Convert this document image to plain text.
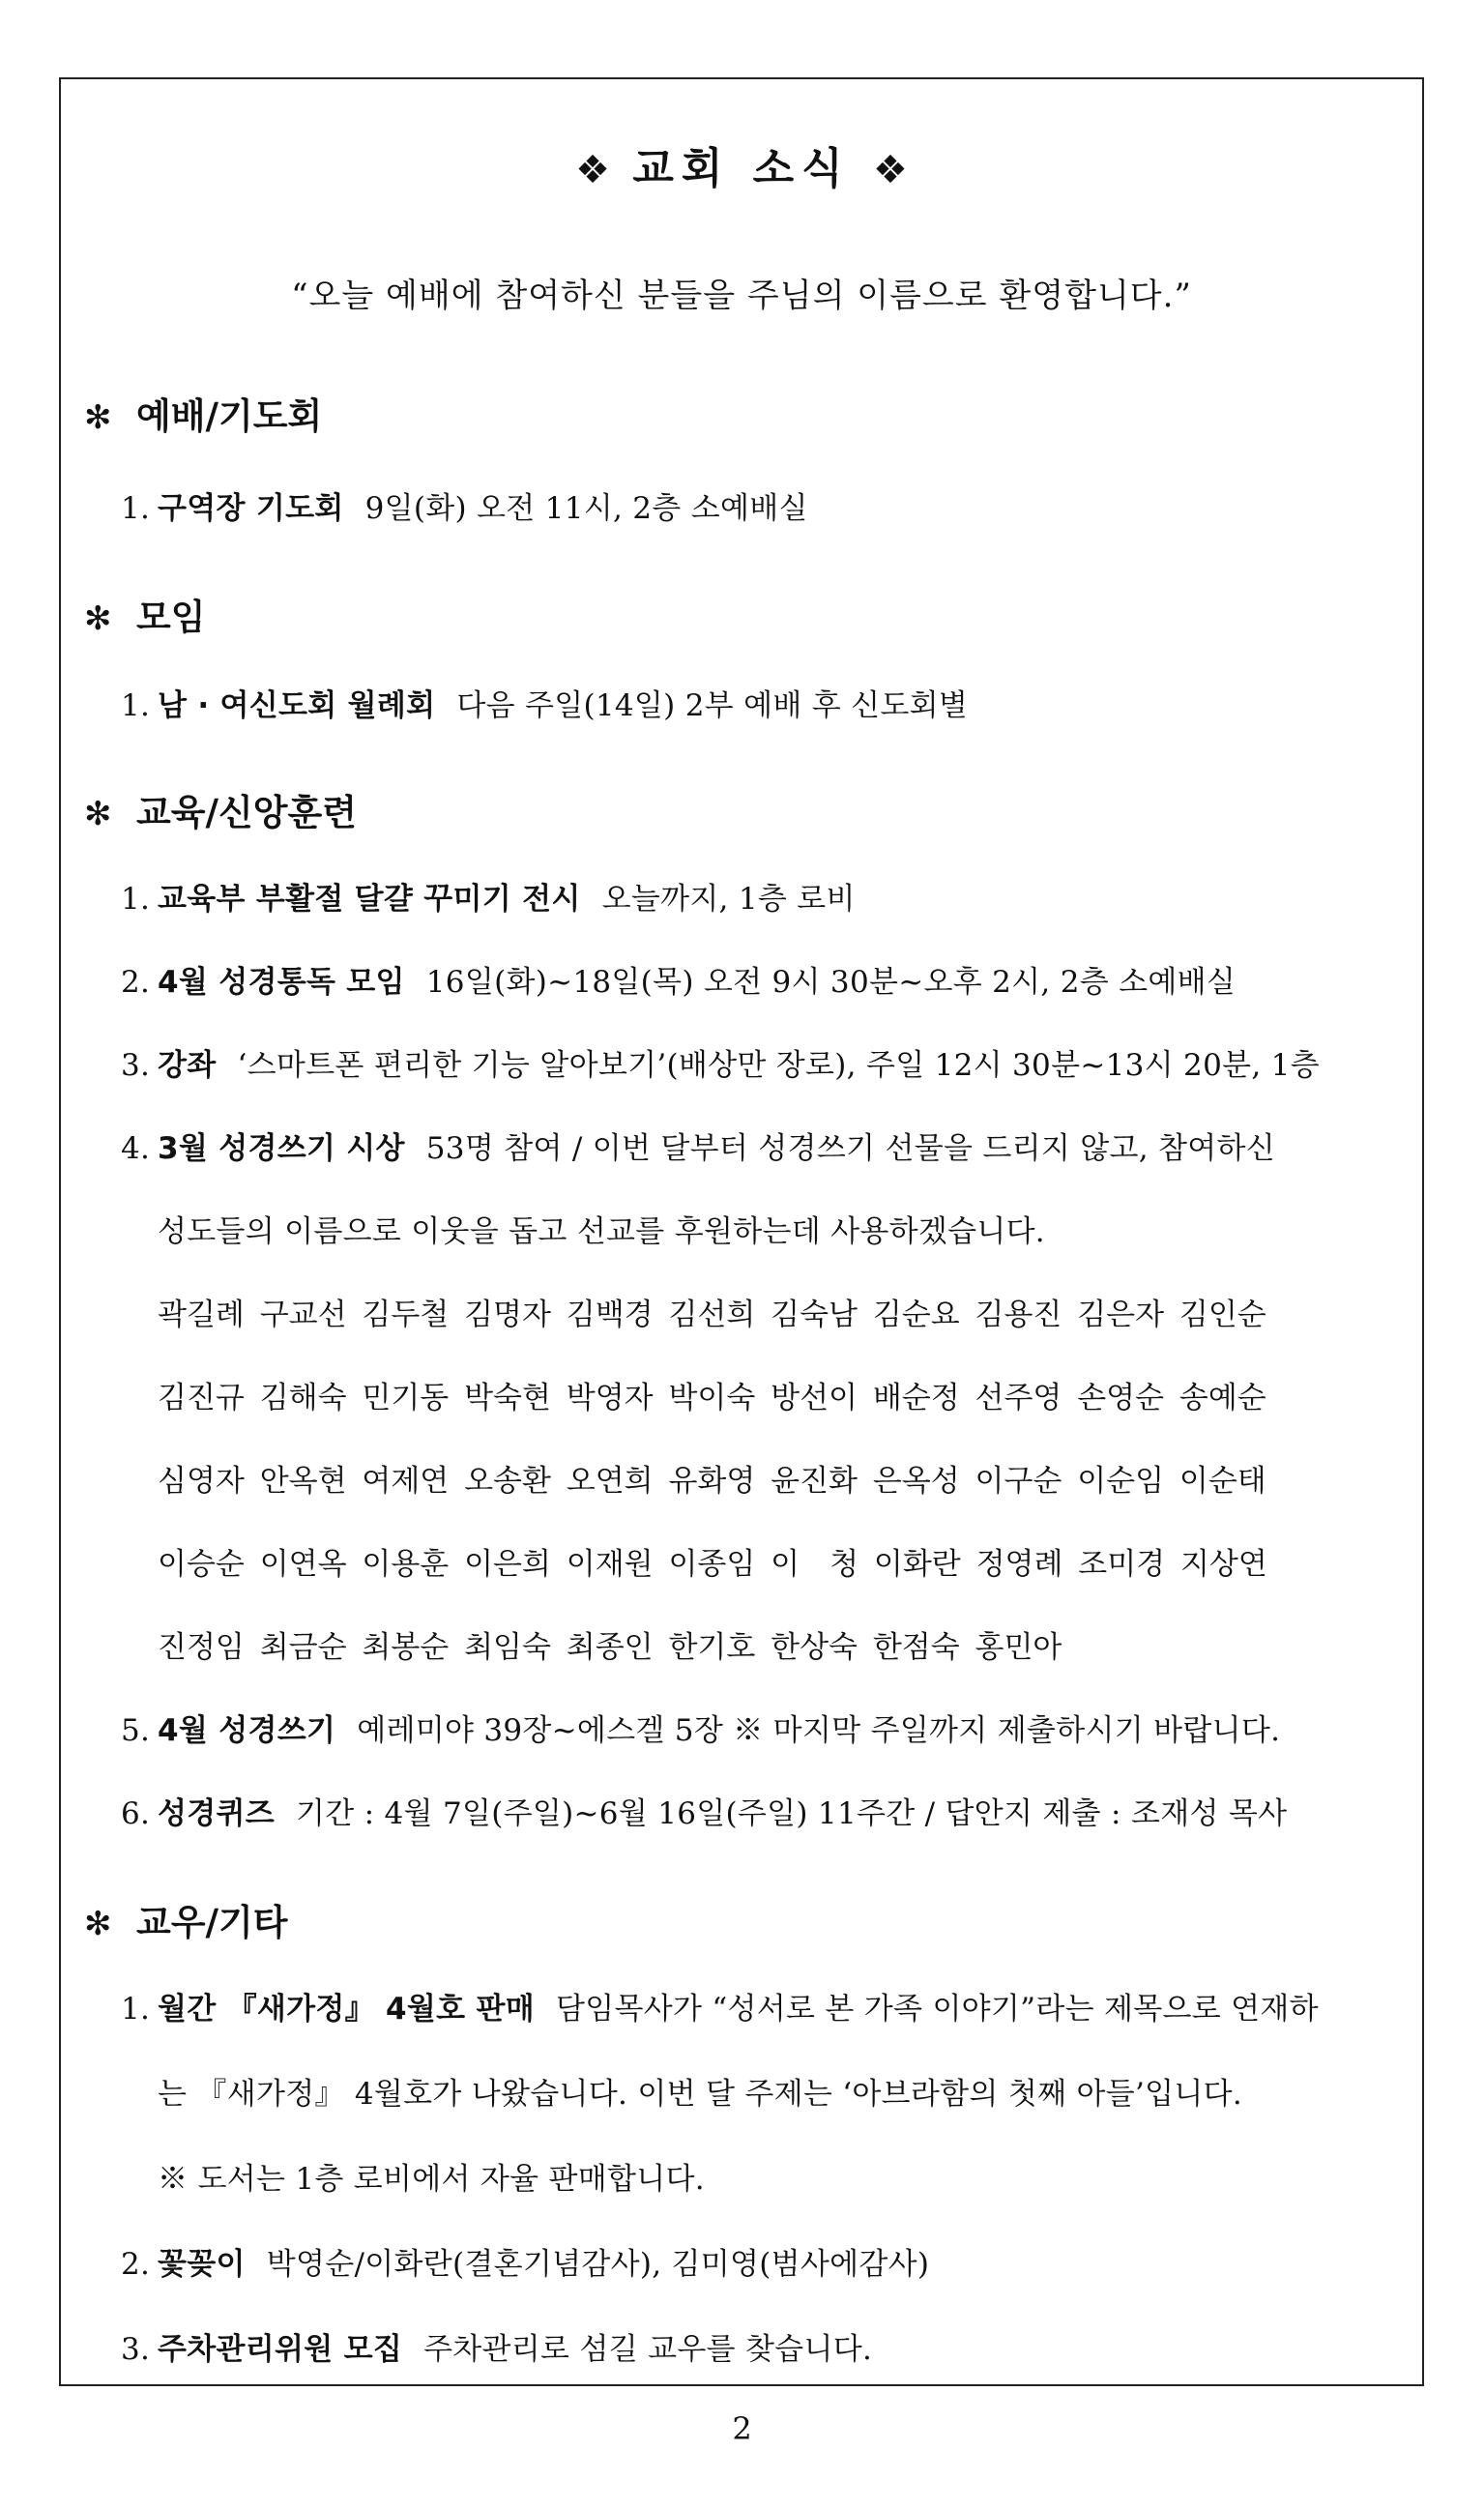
❖ 교회 소식 ❖
“오늘 예배에 참여하신 분들을 주님의 이름으로 환영합니다.”
✻ 예배/기도회
1. 구역장 기도회 9일(화) 오전 11시, 2층 소예배실
✻ 모임
1. 남 · 여신도회 월례회 다음 주일(14일) 2부 예배 후 신도회별
✻ 교육/신앙훈련
1. 교육부 부활절 달걀 꾸미기 전시 오늘까지, 1층 로비
2. 4월 성경통독 모임 16일(화)~18일(목) 오전 9시 30분~오후 2시, 2층 소예배실
3. 강좌 ‘스마트폰 편리한 기능 알아보기’(배상만 장로), 주일 12시 30분~13시 20분, 1층
4. 3월 성경쓰기 시상 53명 참여 / 이번 달부터 성경쓰기 선물을 드리지 않고, 참여하신
성도들의 이름으로 이웃을 돕고 선교를 후원하는데 사용하겠습니다.
곽길례 구교선 김두철 김명자 김백경 김선희 김숙남 김순요 김용진 김은자 김인순
김진규 김해숙 민기동 박숙현 박영자 박이숙 방선이 배순정 선주영 손영순 송예순
심영자 안옥현 여제연 오송환 오연희 유화영 윤진화 은옥성 이구순 이순임 이순태
이승순 이연옥 이용훈 이은희 이재원 이종임 이　청 이화란 정영례 조미경 지상연
진정임 최금순 최봉순 최임숙 최종인 한기호 한상숙 한점숙 홍민아
5. 4월 성경쓰기 예레미야 39장~에스겔 5장 ※ 마지막 주일까지 제출하시기 바랍니다.
6. 성경퀴즈 기간 : 4월 7일(주일)~6월 16일(주일) 11주간 / 답안지 제출 : 조재성 목사
✻ 교우/기타
1. 월간 『새가정』 4월호 판매 담임목사가 “성서로 본 가족 이야기”라는 제목으로 연재하
는 『새가정』 4월호가 나왔습니다. 이번 달 주제는 ‘아브라함의 첫째 아들’입니다.
※ 도서는 1층 로비에서 자율 판매합니다.
2. 꽃꽂이 박영순/이화란(결혼기념감사), 김미영(범사에감사)
3. 주차관리위원 모집 주차관리로 섬길 교우를 찾습니다.
2
